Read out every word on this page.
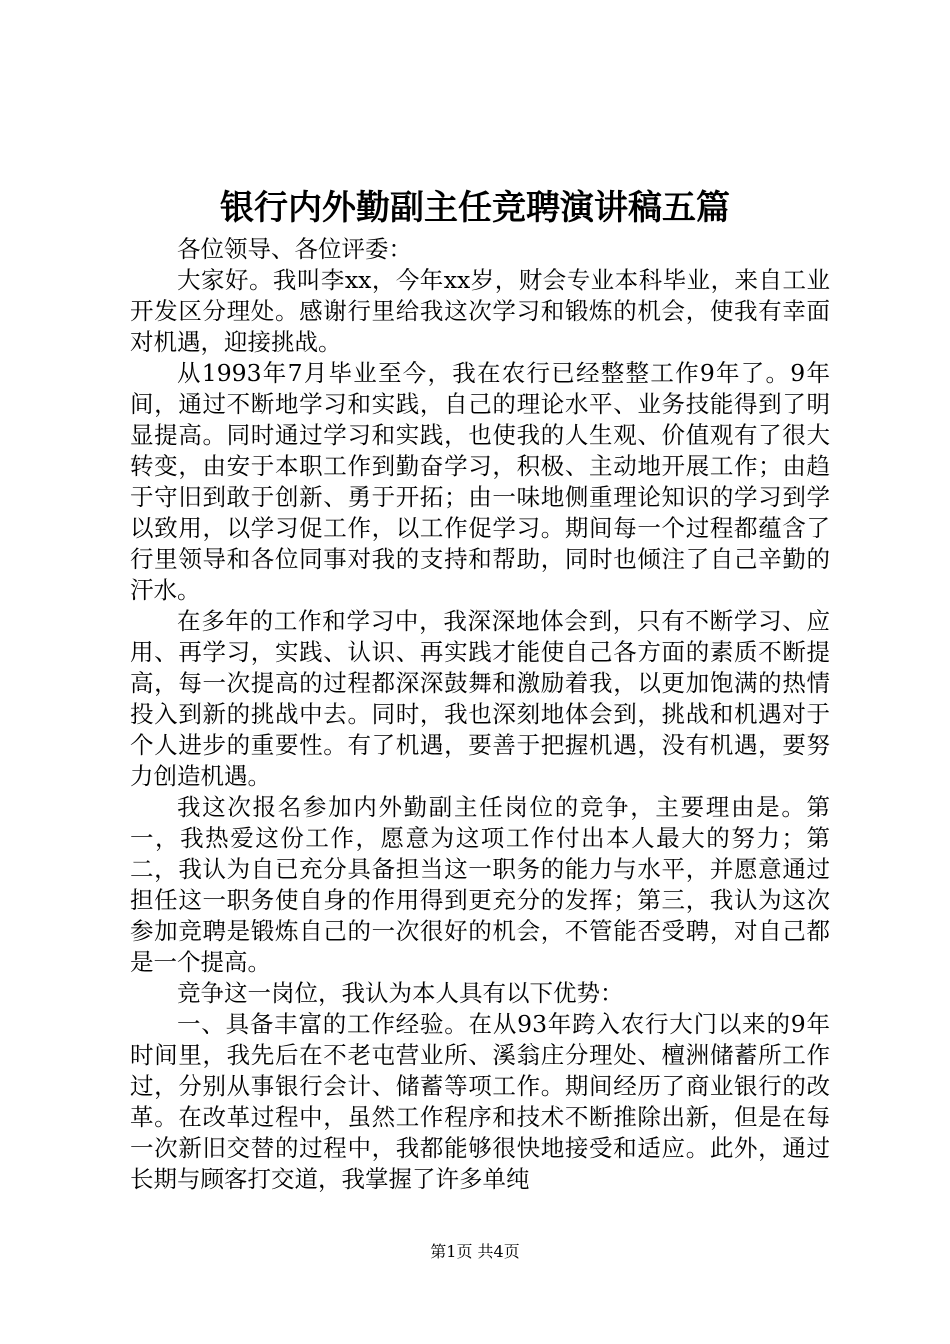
银行内外勤副主任竞聘演讲稿五篇

各位领导、各位评委：

大家好。我叫李xx，今年xx岁，财会专业本科毕业，来自工业开发区分理处。感谢行里给我这次学习和锻炼的机会，使我有幸面对机遇，迎接挑战。

从1993年7月毕业至今，我在农行已经整整工作9年了。9年间，通过不断地学习和实践，自己的理论水平、业务技能得到了明显提高。同时通过学习和实践，也使我的人生观、价值观有了很大转变，由安于本职工作到勤奋学习，积极、主动地开展工作；由趋于守旧到敢于创新、勇于开拓；由一味地侧重理论知识的学习到学以致用，以学习促工作，以工作促学习。期间每一个过程都蕴含了行里领导和各位同事对我的支持和帮助，同时也倾注了自己辛勤的汗水。

在多年的工作和学习中，我深深地体会到，只有不断学习、应用、再学习，实践、认识、再实践才能使自己各方面的素质不断提高，每一次提高的过程都深深鼓舞和激励着我，以更加饱满的热情投入到新的挑战中去。同时，我也深刻地体会到，挑战和机遇对于个人进步的重要性。有了机遇，要善于把握机遇，没有机遇，要努力创造机遇。

我这次报名参加内外勤副主任岗位的竞争，主要理由是。第一，我热爱这份工作，愿意为这项工作付出本人最大的努力；第二，我认为自已充分具备担当这一职务的能力与水平，并愿意通过担任这一职务使自身的作用得到更充分的发挥；第三，我认为这次参加竞聘是锻炼自己的一次很好的机会，不管能否受聘，对自己都是一个提高。

竞争这一岗位，我认为本人具有以下优势：

一、具备丰富的工作经验。在从93年跨入农行大门以来的9年时间里，我先后在不老屯营业所、溪翁庄分理处、檀洲储蓄所工作过，分别从事银行会计、储蓄等项工作。期间经历了商业银行的改革。在改革过程中，虽然工作程序和技术不断推除出新，但是在每一次新旧交替的过程中，我都能够很快地接受和适应。此外，通过长期与顾客打交道，我掌握了许多单纯

第1页 共4页
